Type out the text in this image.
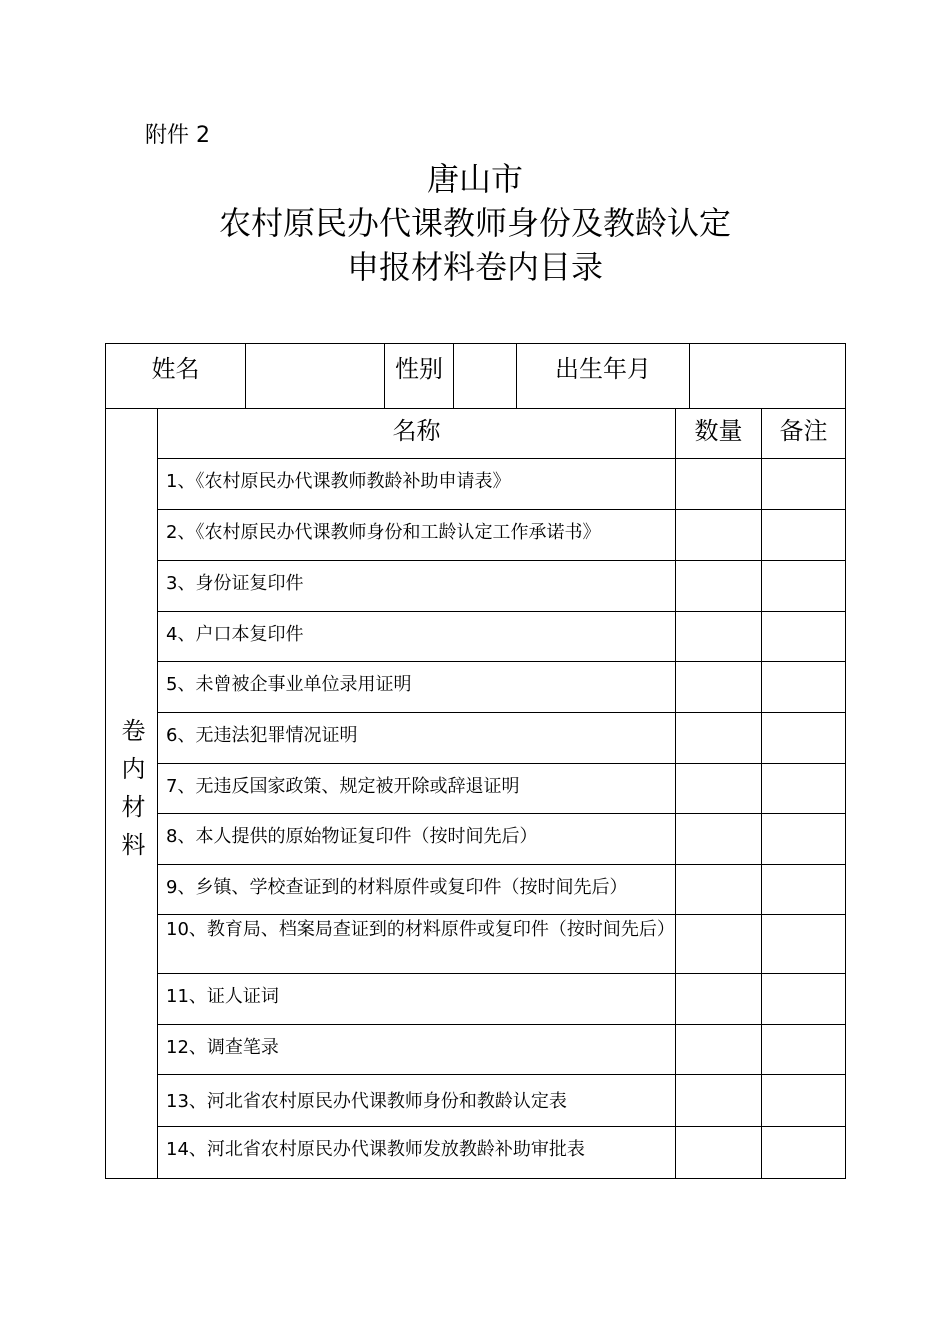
附件 2
唐山市
农村原民办代课教师身份及教龄认定
申报材料卷内目录
姓名	性别	出生年月
卷内材料
名称	数量 备注
1、《农村原民办代课教师教龄补助申请表》
2、《农村原民办代课教师身份和工龄认定工作承诺书》
3、身份证复印件
4、户口本复印件
5、未曾被企事业单位录用证明
6、无违法犯罪情况证明
7、无违反国家政策、规定被开除或辞退证明
8、本人提供的原始物证复印件（按时间先后）
9、乡镇、学校查证到的材料原件或复印件（按时间先后）
10、教育局、档案局查证到的材料原件或复印件（按时间先后）
11、证人证词
12、调查笔录
13、河北省农村原民办代课教师身份和教龄认定表
14、河北省农村原民办代课教师发放教龄补助审批表
